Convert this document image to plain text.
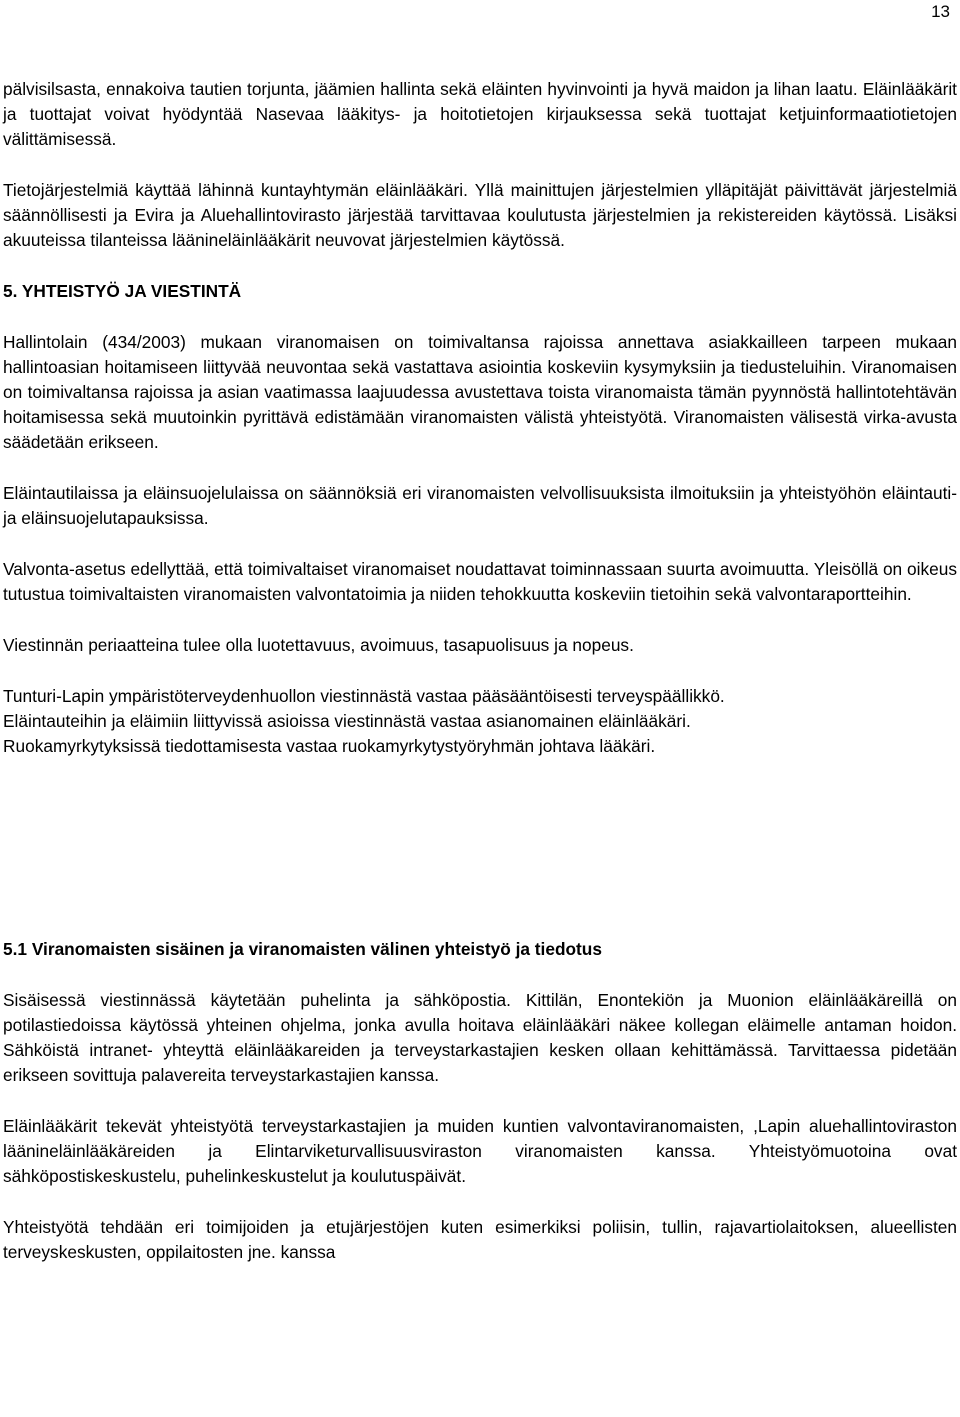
13

pälvisilsasta, ennakoiva tautien torjunta, jäämien hallinta sekä eläinten hyvinvointi ja hyvä maidon ja lihan laatu. Eläinlääkärit ja tuottajat voivat hyödyntää Nasevaa lääkitys- ja hoitotietojen kirjauksessa sekä tuottajat ketjuinformaatiotietojen välittämisessä.

Tietojärjestelmiä käyttää lähinnä kuntayhtymän eläinlääkäri. Yllä mainittujen järjestelmien ylläpitäjät päivittävät järjestelmiä säännöllisesti ja Evira ja Aluehallintovirasto järjestää tarvittavaa koulutusta järjestelmien ja rekistereiden käytössä. Lisäksi akuuteissa tilanteissa läänineläinlääkärit neuvovat järjestelmien käytössä.

5. YHTEISTYÖ JA VIESTINTÄ

Hallintolain (434/2003) mukaan viranomaisen on toimivaltansa rajoissa annettava asiakkailleen tarpeen mukaan hallintoasian hoitamiseen liittyvää neuvontaa sekä vastattava asiointia koskeviin kysymyksiin ja tiedusteluihin. Viranomaisen on toimivaltansa rajoissa ja asian vaatimassa laajuudessa avustettava toista viranomaista tämän pyynnöstä hallintotehtävän hoitamisessa sekä muutoinkin pyrittävä edistämään viranomaisten välistä yhteistyötä. Viranomaisten välisestä virka-avusta säädetään erikseen.

Eläintautilaissa ja eläinsuojelulaissa on säännöksiä eri viranomaisten velvollisuuksista ilmoituksiin ja yhteistyöhön eläintauti- ja eläinsuojelutapauksissa.

Valvonta-asetus edellyttää, että toimivaltaiset viranomaiset noudattavat toiminnassaan suurta avoimuutta. Yleisöllä on oikeus tutustua toimivaltaisten viranomaisten valvontatoimia ja niiden tehokkuutta koskeviin tietoihin sekä valvontaraportteihin.

Viestinnän periaatteina tulee olla luotettavuus, avoimuus, tasapuolisuus ja nopeus.

Tunturi-Lapin ympäristöterveydenhuollon viestinnästä vastaa pääsääntöisesti terveyspäällikkö.
Eläintauteihin ja eläimiin liittyvissä asioissa viestinnästä vastaa asianomainen eläinlääkäri.
Ruokamyrkytyksissä tiedottamisesta vastaa ruokamyrkytystyöryhmän johtava lääkäri.

5.1 Viranomaisten sisäinen ja viranomaisten välinen yhteistyö ja tiedotus

Sisäisessä viestinnässä käytetään puhelinta ja sähköpostia. Kittilän, Enontekiön ja Muonion eläinlääkäreillä on potilastiedoissa käytössä yhteinen ohjelma, jonka avulla hoitava eläinlääkäri näkee kollegan eläimelle antaman hoidon. Sähköistä intranet- yhteyttä eläinlääkareiden ja terveystarkastajien kesken ollaan kehittämässä. Tarvittaessa pidetään erikseen sovittuja palavereita terveystarkastajien kanssa.

Eläinlääkärit tekevät yhteistyötä terveystarkastajien ja muiden kuntien valvontaviranomaisten, ,Lapin aluehallintoviraston läänineläinlääkäreiden ja Elintarviketurvallisuusviraston viranomaisten kanssa. Yhteistyömuotoina ovat sähköpostiskeskustelu, puhelinkeskustelut ja koulutuspäivät.

Yhteistyötä tehdään eri toimijoiden ja etujärjestöjen kuten esimerkiksi poliisin, tullin, rajavartiolaitoksen, alueellisten terveyskeskusten, oppilaitosten jne. kanssa
